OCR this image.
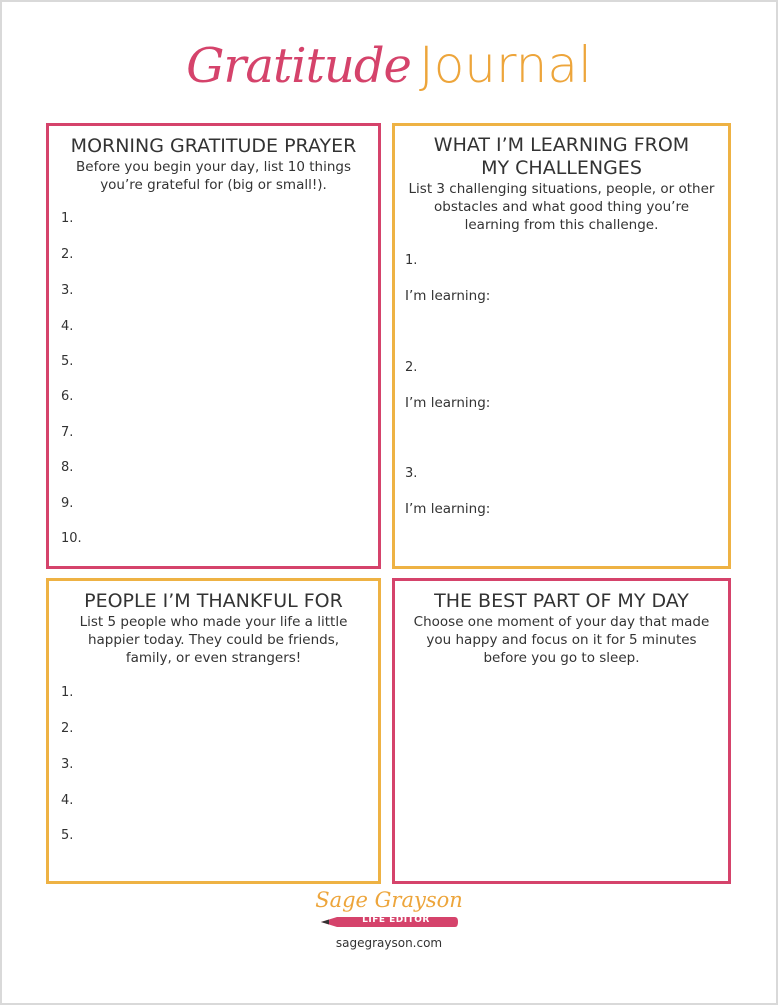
Gratitude Journal
MORNING GRATITUDE PRAYER
Before you begin your day, list 10 things
you’re grateful for (big or small!).
1.
2.
3.
4.
5.
6.
7.
8.
9.
10.
WHAT I’M LEARNING FROM
MY CHALLENGES
List 3 challenging situations, people, or other
obstacles and what good thing you’re
learning from this challenge.
1.
I’m learning:
2.
I’m learning:
3.
I’m learning:
PEOPLE I’M THANKFUL FOR
List 5 people who made your life a little
happier today. They could be friends,
family, or even strangers!
1.
2.
3.
4.
5.
THE BEST PART OF MY DAY
Choose one moment of your day that made
you happy and focus on it for 5 minutes
before you go to sleep.
Sage Grayson
LIFE EDITOR
sagegrayson.com
